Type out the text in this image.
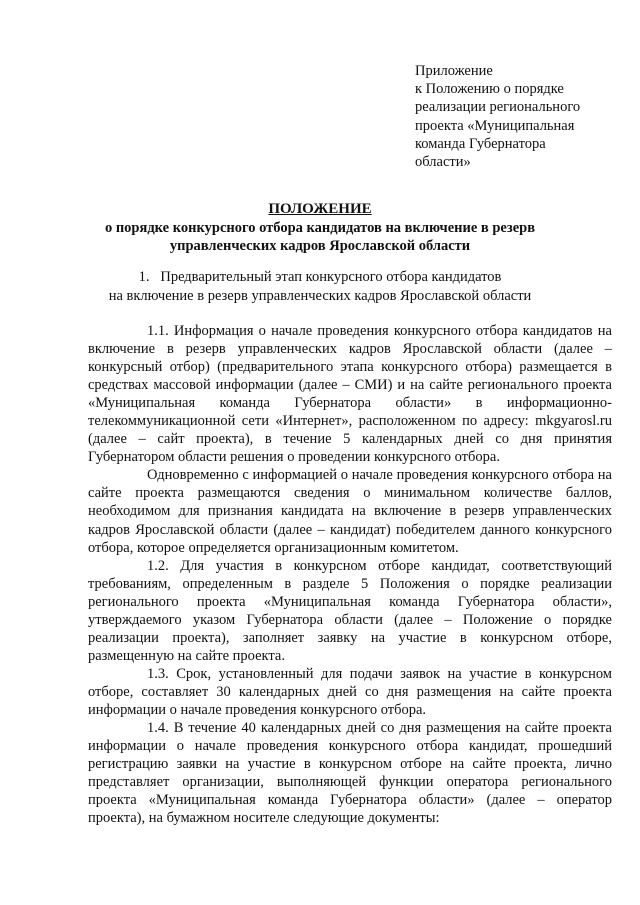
Приложение
к Положению о порядке
реализации регионального
проекта «Муниципальная
команда Губернатора
области»
ПОЛОЖЕНИЕ
о порядке конкурсного отбора кандидатов на включение в резерв
управленческих кадров Ярославской области
1.   Предварительный этап конкурсного отбора кандидатов
на включение в резерв управленческих кадров Ярославской области

1.1. Информация о начале проведения конкурсного отбора кандидатов на включение в резерв управленческих кадров Ярославской области (далее – конкурсный отбор) (предварительного этапа конкурсного отбора) размещается в средствах массовой информации (далее – СМИ) и на сайте регионального проекта «Муниципальная команда Губернатора области» в информационно-телекоммуникационной сети «Интернет», расположенном по адресу: mkgyarosl.ru (далее – сайт проекта), в течение 5 календарных дней со дня принятия Губернатором области решения о проведении конкурсного отбора.

Одновременно с информацией о начале проведения конкурсного отбора на сайте проекта размещаются сведения о минимальном количестве баллов, необходимом для признания кандидата на включение в резерв управленческих кадров Ярославской области (далее – кандидат) победителем данного конкурсного отбора, которое определяется организационным комитетом.

1.2. Для участия в конкурсном отборе кандидат, соответствующий требованиям, определенным в разделе 5 Положения о порядке реализации регионального проекта «Муниципальная команда Губернатора области», утверждаемого указом Губернатора области (далее – Положение о порядке реализации проекта), заполняет заявку на участие в конкурсном отборе, размещенную на сайте проекта.

1.3. Срок, установленный для подачи заявок на участие в конкурсном отборе, составляет 30 календарных дней со дня размещения на сайте проекта информации о начале проведения конкурсного отбора.

1.4. В течение 40 календарных дней со дня размещения на сайте проекта информации о начале проведения конкурсного отбора кандидат, прошедший регистрацию заявки на участие в конкурсном отборе на сайте проекта, лично представляет организации, выполняющей функции оператора регионального проекта «Муниципальная команда Губернатора области» (далее – оператор проекта), на бумажном носителе следующие документы:
